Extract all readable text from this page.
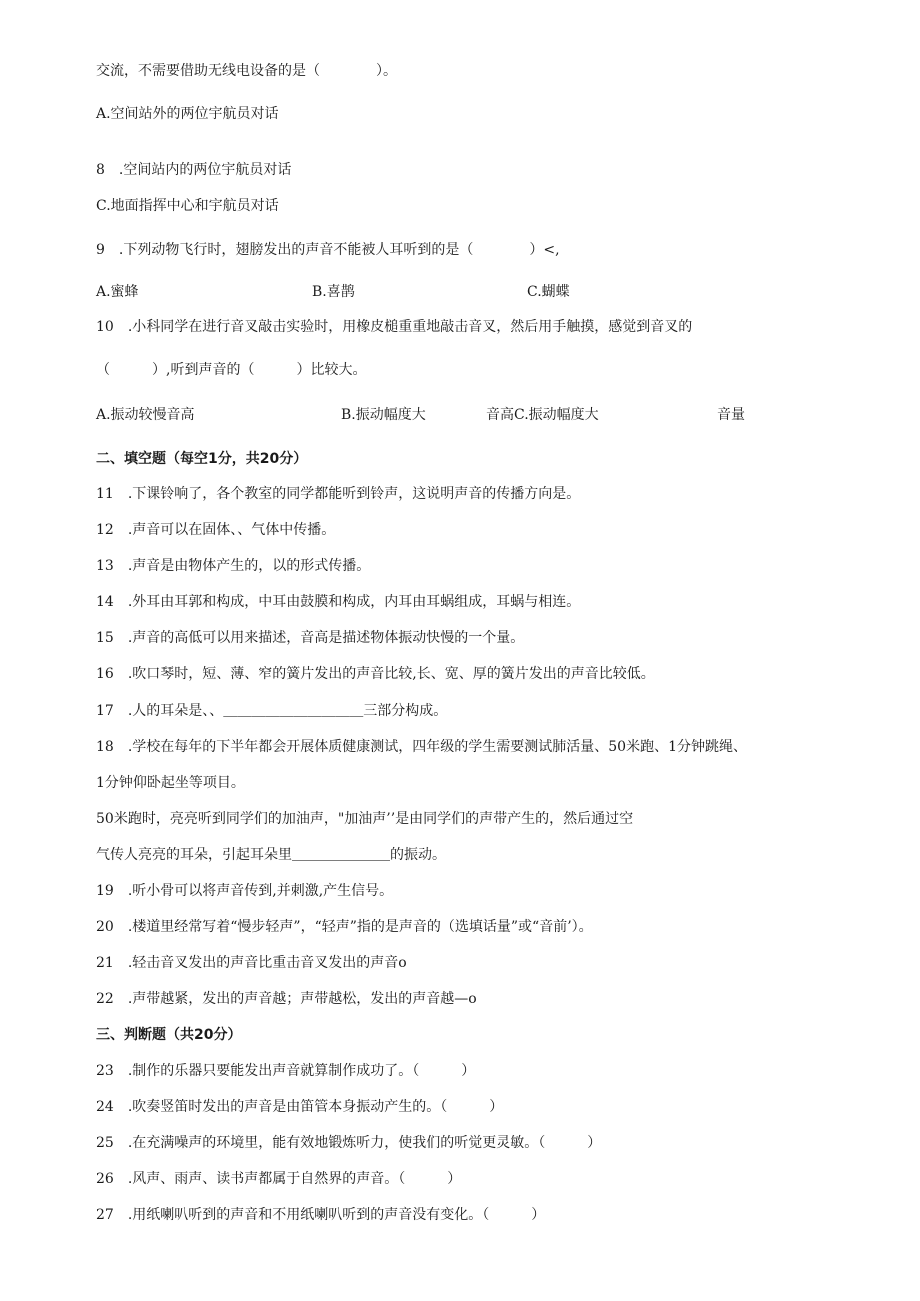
交流，不需要借助无线电设备的是（　　　　）。
A.空间站外的两位宇航员对话
8　.空间站内的两位宇航员对话
C.地面指挥中心和宇航员对话
9　.下列动物飞行时，翅膀发出的声音不能被人耳听到的是（　　　　）<,
A.蜜蜂	B.喜鹊	C.蝴蝶
10　.小科同学在进行音叉敲击实验时，用橡皮槌重重地敲击音叉，然后用手触摸，感觉到音叉的
（　　　）,听到声音的（　　　）比较大。
A.振动较慢音高	B.振动幅度大	音高C.振动幅度大	音量
二、填空题（每空1分，共20分）
11　.下课铃响了，各个教室的同学都能听到铃声，这说明声音的传播方向是。
12　.声音可以在固体、、气体中传播。
13　.声音是由物体产生的，以的形式传播。
14　.外耳由耳郭和构成，中耳由鼓膜和构成，内耳由耳蜗组成，耳蜗与相连。
15　.声音的高低可以用来描述，音高是描述物体振动快慢的一个量。
16　.吹口琴时，短、薄、窄的簧片发出的声音比较,长、宽、厚的簧片发出的声音比较低。
17　.人的耳朵是、、＿＿＿＿＿＿＿＿＿＿三部分构成。
18　.学校在每年的下半年都会开展体质健康测试，四年级的学生需要测试肺活量、50米跑、1分钟跳绳、
1分钟仰卧起坐等项目。
50米跑时，亮亮听到同学们的加油声，"加油声’’是由同学们的声带产生的，然后通过空
气传人亮亮的耳朵，引起耳朵里＿＿＿＿＿＿＿的振动。
19　.听小骨可以将声音传到,并刺激,产生信号。
20　.楼道里经常写着“慢步轻声”，“轻声”指的是声音的（选填话量”或“音前’）。
21　.轻击音叉发出的声音比重击音叉发出的声音o
22　.声带越紧，发出的声音越；声带越松，发出的声音越—o
三、判断题（共20分）
23　.制作的乐器只要能发出声音就算制作成功了。（　　　）
24　.吹奏竖笛时发出的声音是由笛管本身振动产生的。（　　　）
25　.在充满噪声的环境里，能有效地锻炼听力，使我们的听觉更灵敏。（　　　）
26　.风声、雨声、读书声都属于自然界的声音。（　　　）
27　.用纸喇叭听到的声音和不用纸喇叭听到的声音没有变化。（　　　）
